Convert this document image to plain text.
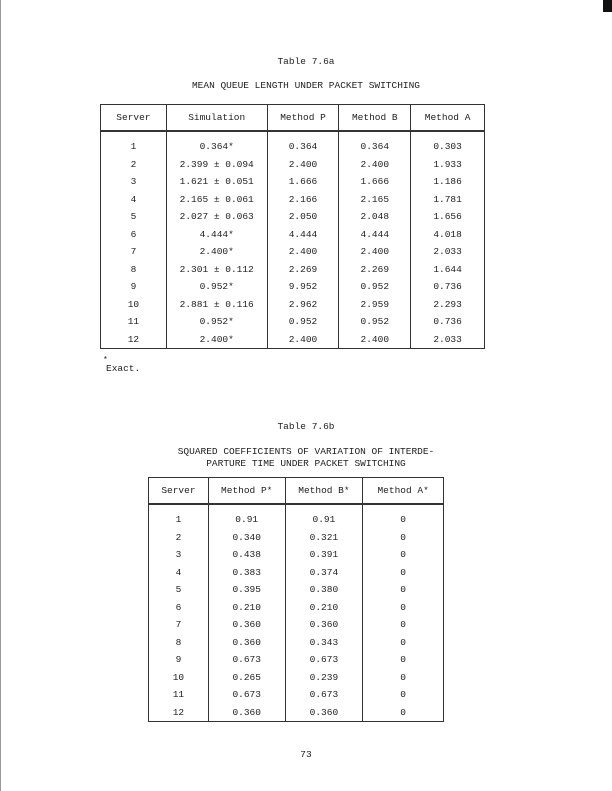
Table 7.6a
MEAN QUEUE LENGTH UNDER PACKET SWITCHING
Server	Simulation	Method P	Method B	Method A
1	0.364*	0.364	0.364	0.303
2	2.399 ± 0.094	2.400	2.400	1.933
3	1.621 ± 0.051	1.666	1.666	1.186
4	2.165 ± 0.061	2.166	2.165	1.781
5	2.027 ± 0.063	2.050	2.048	1.656
6	4.444*	4.444	4.444	4.018
7	2.400*	2.400	2.400	2.033
8	2.301 ± 0.112	2.269	2.269	1.644
9	0.952*	9.952	0.952	0.736
10	2.881 ± 0.116	2.962	2.959	2.293
11	0.952*	0.952	0.952	0.736
12	2.400*	2.400	2.400	2.033
*
Exact.
Table 7.6b
SQUARED COEFFICIENTS OF VARIATION OF INTERDE-
PARTURE TIME UNDER PACKET SWITCHING
Server	Method P*	Method B*	Method A*
1	0.91	0.91	0
2	0.340	0.321	0
3	0.438	0.391	0
4	0.383	0.374	0
5	0.395	0.380	0
6	0.210	0.210	0
7	0.360	0.360	0
8	0.360	0.343	0
9	0.673	0.673	0
10	0.265	0.239	0
11	0.673	0.673	0
12	0.360	0.360	0
73
